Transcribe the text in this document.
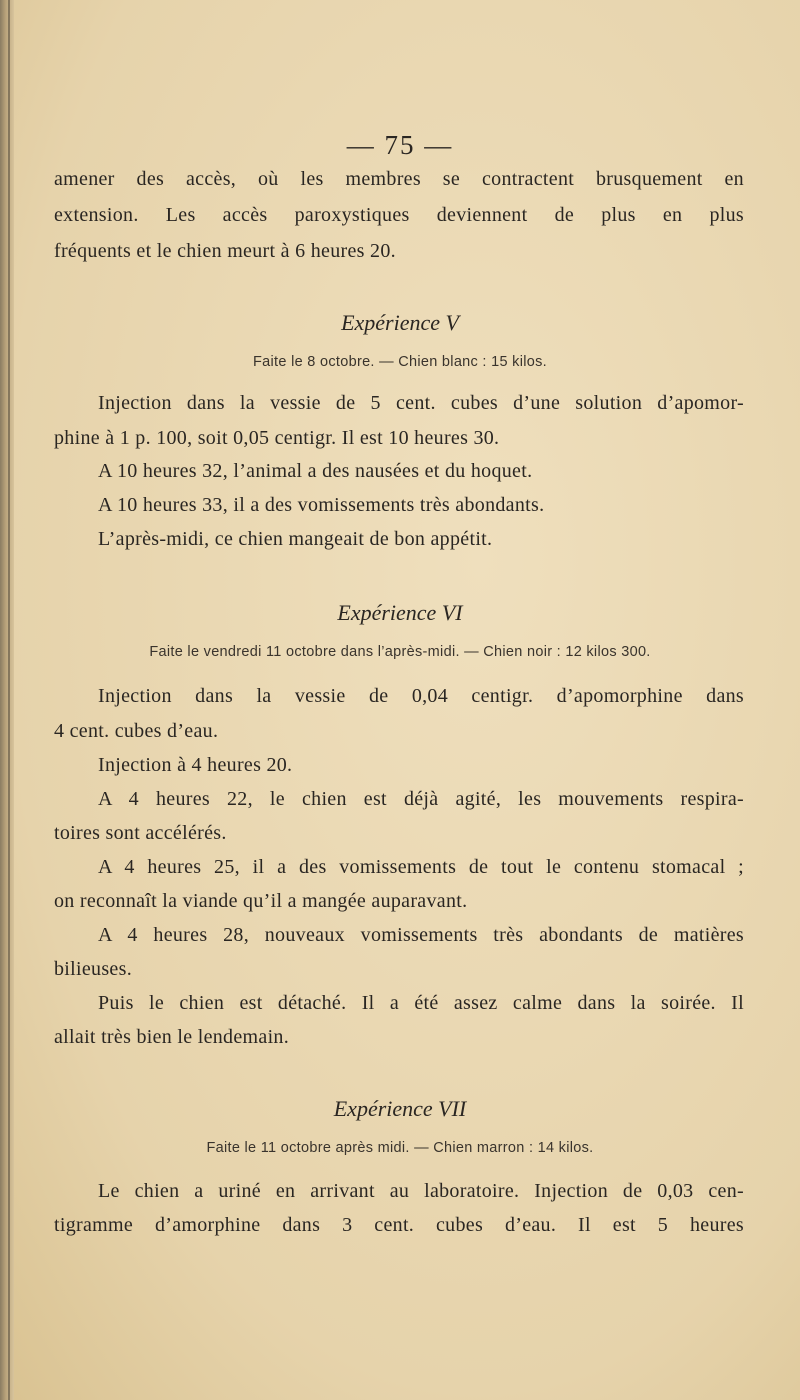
— 75 —
amener des accès, où les membres se contractent brusquement en
extension. Les accès paroxystiques deviennent de plus en plus
fréquents et le chien meurt à 6 heures 20.
Expérience V
Faite le 8 octobre. — Chien blanc : 15 kilos.
Injection dans la vessie de 5 cent. cubes d’une solution d’apomor-
phine à 1 p. 100, soit 0,05 centigr. Il est 10 heures 30.
A 10 heures 32, l’animal a des nausées et du hoquet.
A 10 heures 33, il a des vomissements très abondants.
L’après-midi, ce chien mangeait de bon appétit.
Expérience VI
Faite le vendredi 11 octobre dans l’après-midi. — Chien noir : 12 kilos 300.
Injection dans la vessie de 0,04 centigr. d’apomorphine dans
4 cent. cubes d’eau.
Injection à 4 heures 20.
A 4 heures 22, le chien est déjà agité, les mouvements respira-
toires sont accélérés.
A 4 heures 25, il a des vomissements de tout le contenu stomacal ;
on reconnaît la viande qu’il a mangée auparavant.
A 4 heures 28, nouveaux vomissements très abondants de matières
bilieuses.
Puis le chien est détaché. Il a été assez calme dans la soirée. Il
allait très bien le lendemain.
Expérience VII
Faite le 11 octobre après midi. — Chien marron : 14 kilos.
Le chien a uriné en arrivant au laboratoire. Injection de 0,03 cen-
tigramme d’amorphine dans 3 cent. cubes d’eau. Il est 5 heures
